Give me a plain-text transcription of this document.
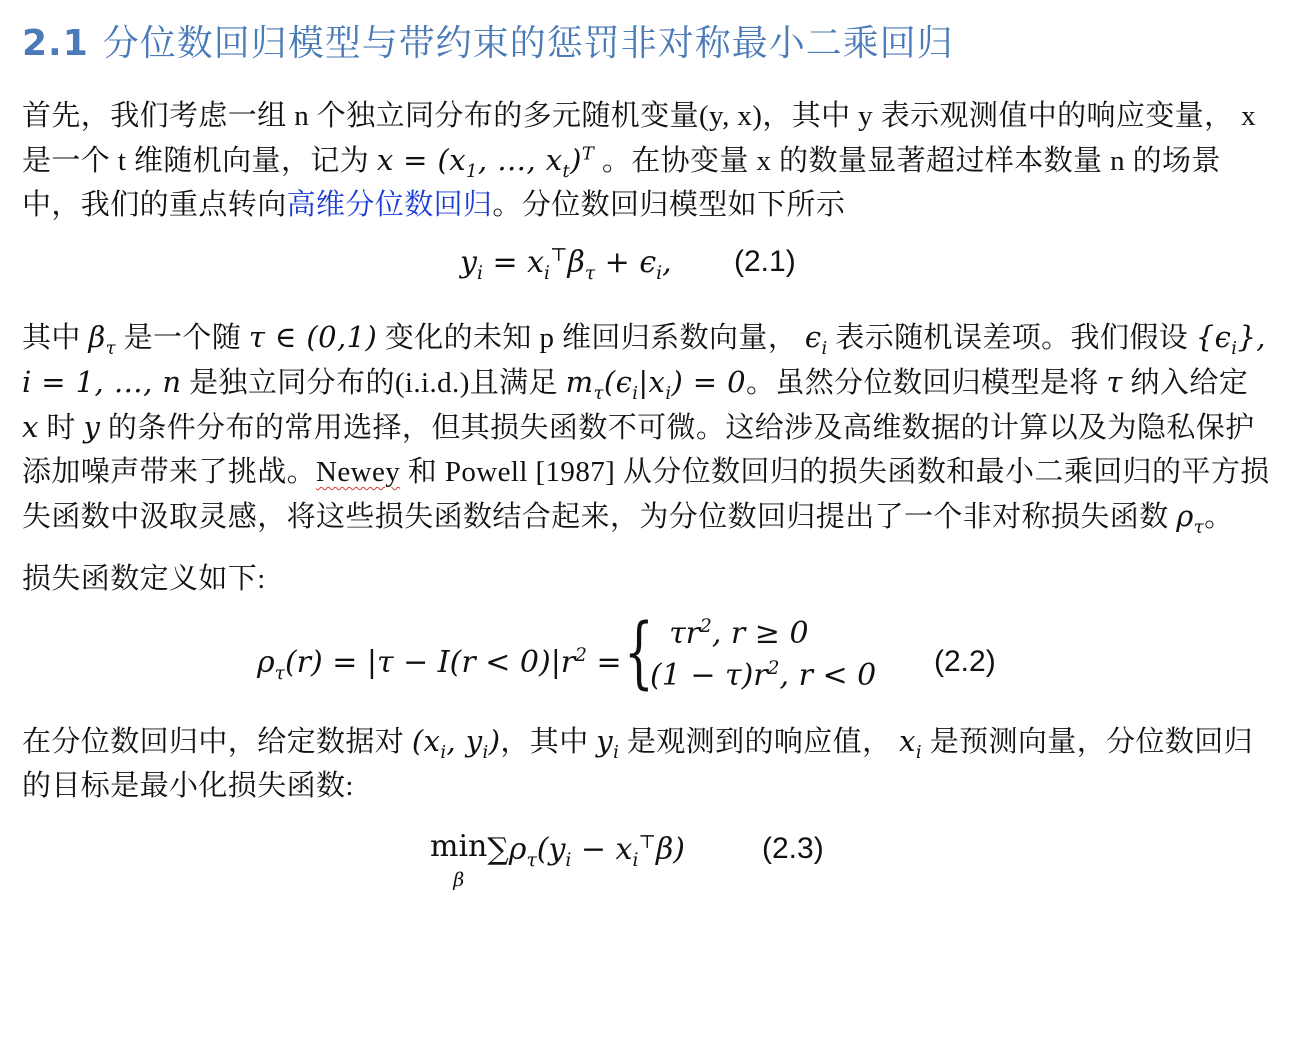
2.1 分位数回归模型与带约束的惩罚非对称最小二乘回归

首先，我们考虑一组 n 个独立同分布的多元随机变量(y, x)，其中 y 表示观测值中的响应变量， x 是一个 t 维随机向量，记为 $x = (x_1$, …, $x_t)^T$ 。在协变量 x 的数量显著超过样本数量 n 的场景中，我们的重点转向高维分位数回归。分位数回归模型如下所示

$y_i = x_i^⊤\beta_\tau + \epsilon_i$, (2.1)

其中 $\beta_\tau$ 是一个随 τ ∈ (0,1) 变化的未知 p 维回归系数向量， $\epsilon_i$ 表示随机误差项。我们假设 $\{\epsilon_i\}$, i = 1, …, n 是独立同分布的(i.i.d.)且满足 $m_\tau(\epsilon_i|x_i) = 0$。虽然分位数回归模型是将 τ 纳入给定 x 时 y 的条件分布的常用选择，但其损失函数不可微。这给涉及高维数据的计算以及为隐私保护添加噪声带来了挑战。Newey 和 Powell [1987] 从分位数回归的损失函数和最小二乘回归的平方损失函数中汲取灵感，将这些损失函数结合起来，为分位数回归提出了一个非对称损失函数 $\rho_\tau$。

损失函数定义如下:

$\rho_\tau(r) = |\tau - I(r < 0)|r^2$ = {
$\tau r^2$, r ≥ 0
$(1 - \tau)r^2$, r < 0 (2.2)

在分位数回归中，给定数据对 ($x_i$, $y_i$)，其中 $y_i$ 是观测到的响应值， $x_i$ 是预测向量，分位数回归的目标是最小化损失函数:

min
$\beta\sum\rho_\tau(y_i - x_i^⊤\beta)$	(2.3)
